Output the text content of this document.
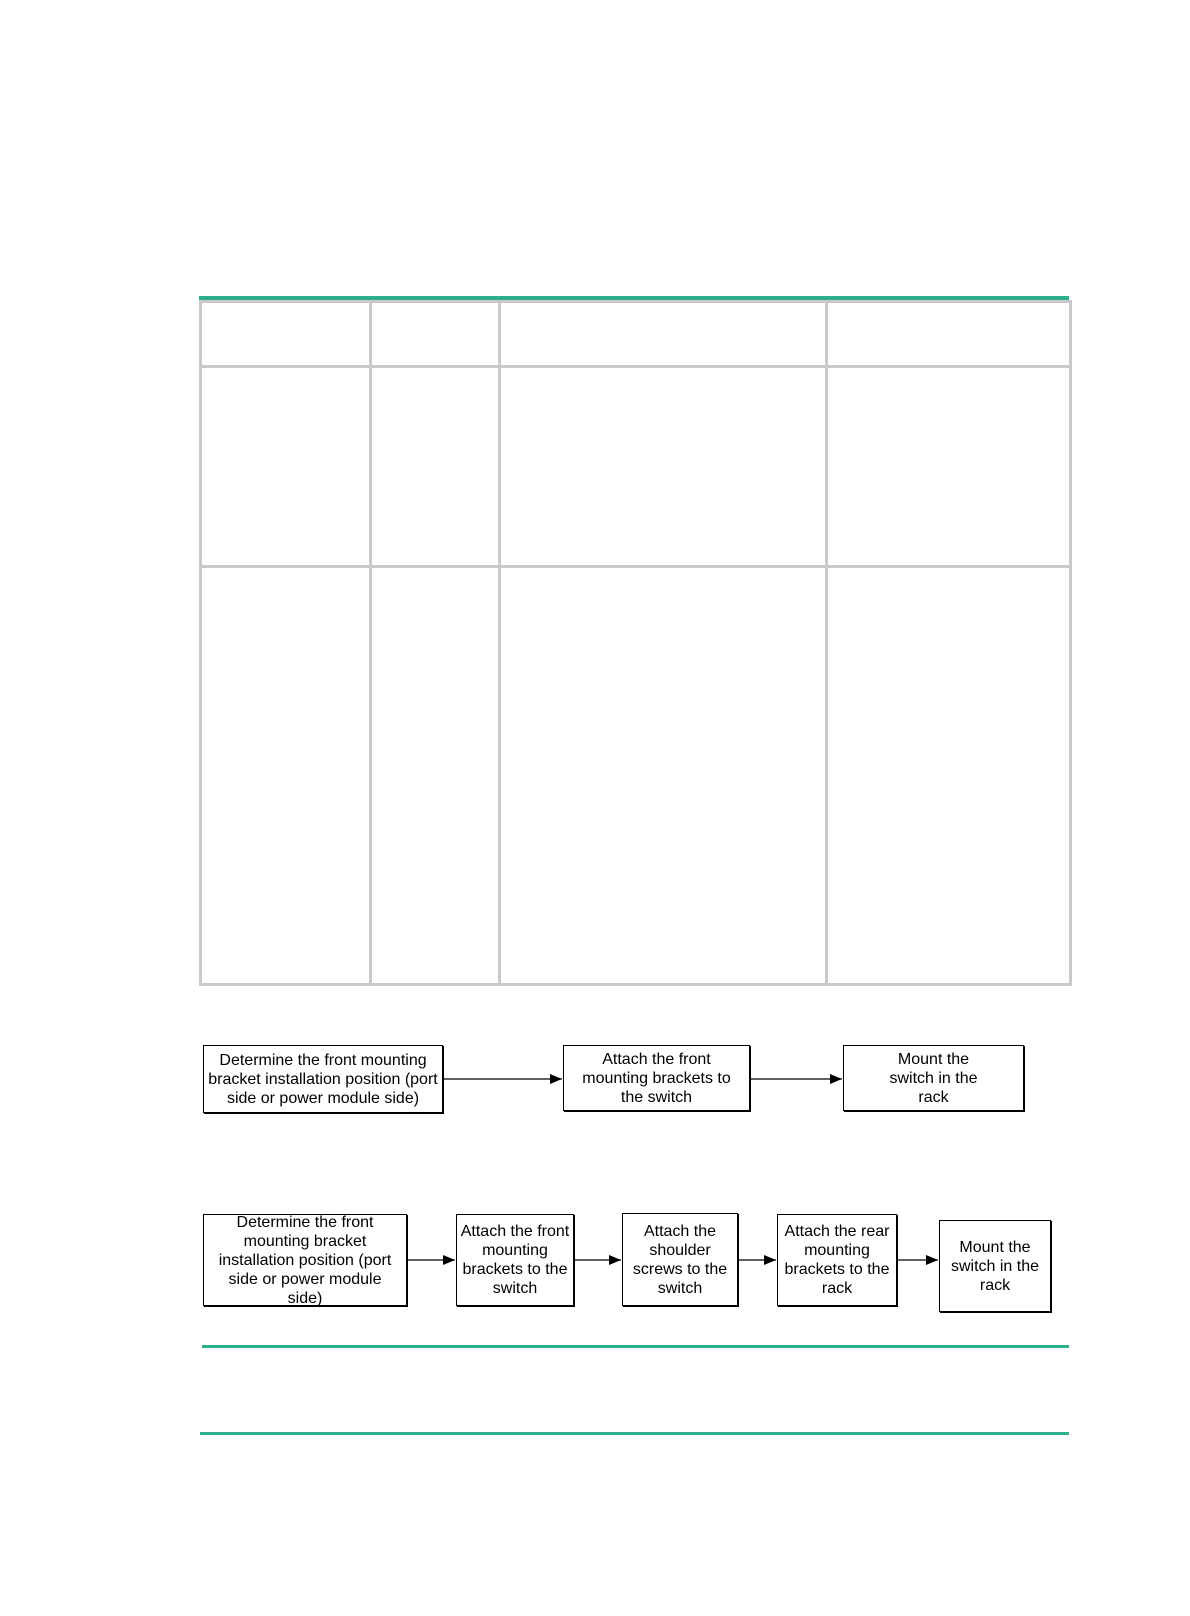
Determine the front mounting bracket installation position (port side or power module side)
Attach the front mounting brackets to the switch
Mount the switch in the rack
Determine the front mounting bracket installation position (port side or power module side)
Attach the front mounting brackets to the switch
Attach the shoulder screws to the switch
Attach the rear mounting brackets to the rack
Mount the switch in the rack
